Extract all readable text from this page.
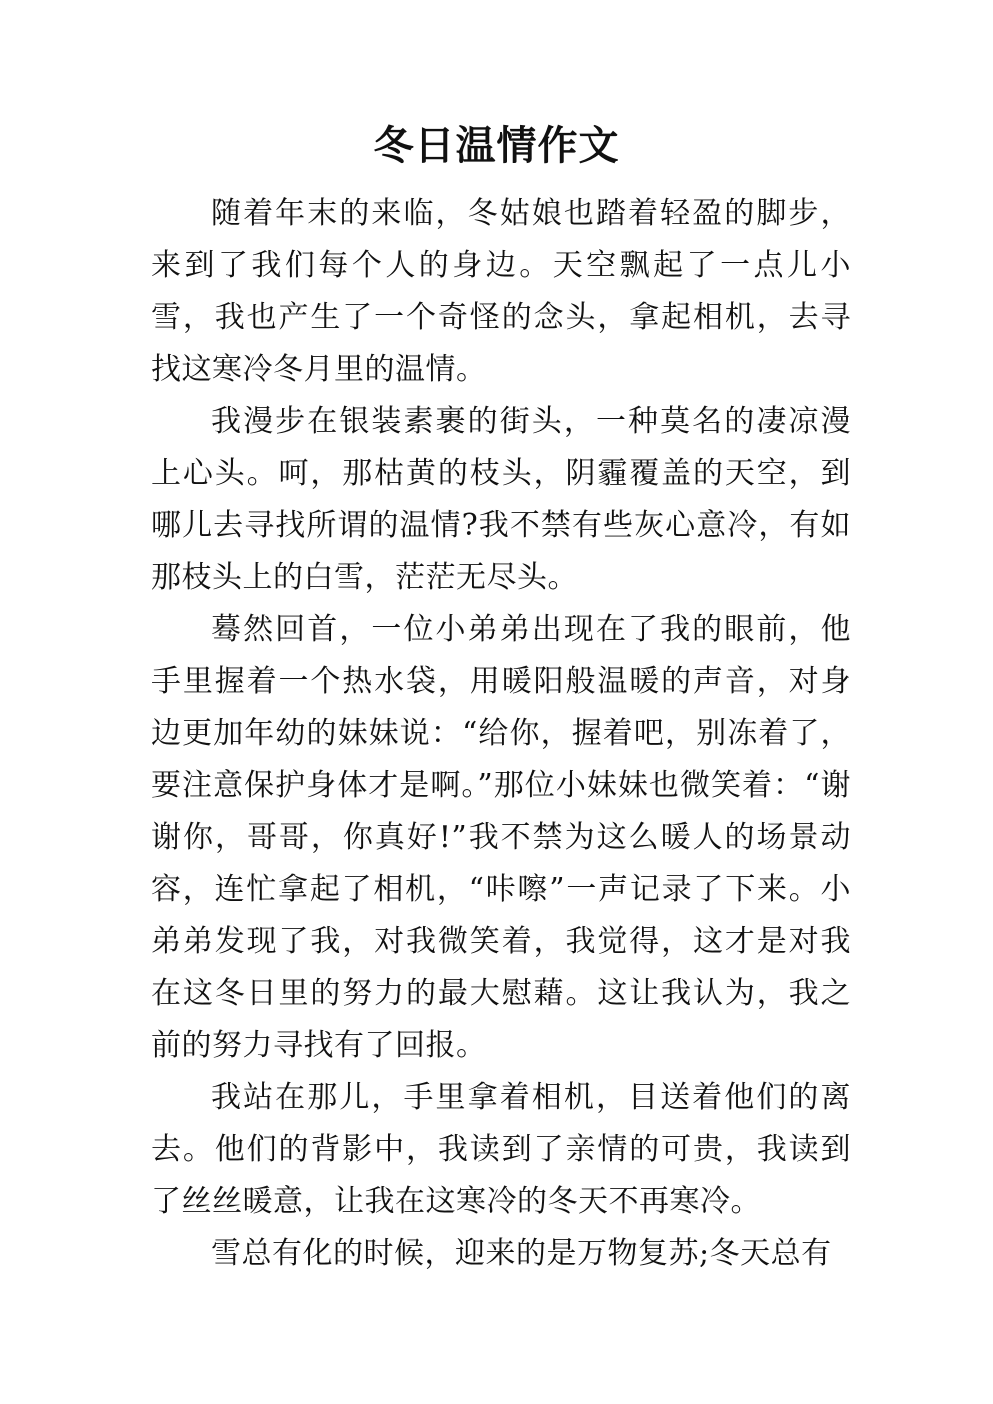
冬日温情作文

随着年末的来临，冬姑娘也踏着轻盈的脚步，来到了我们每个人的身边。天空飘起了一点儿小雪，我也产生了一个奇怪的念头，拿起相机，去寻找这寒冷冬月里的温情。

我漫步在银装素裹的街头，一种莫名的凄凉漫上心头。呵，那枯黄的枝头，阴霾覆盖的天空，到哪儿去寻找所谓的温情?我不禁有些灰心意冷，有如那枝头上的白雪，茫茫无尽头。

蓦然回首，一位小弟弟出现在了我的眼前，他手里握着一个热水袋，用暖阳般温暖的声音，对身边更加年幼的妹妹说：“给你，握着吧，别冻着了，要注意保护身体才是啊。”那位小妹妹也微笑着：“谢谢你，哥哥，你真好!”我不禁为这么暖人的场景动容，连忙拿起了相机，“咔嚓”一声记录了下来。小弟弟发现了我，对我微笑着，我觉得，这才是对我在这冬日里的努力的最大慰藉。这让我认为，我之前的努力寻找有了回报。

我站在那儿，手里拿着相机，目送着他们的离去。他们的背影中，我读到了亲情的可贵，我读到了丝丝暖意，让我在这寒冷的冬天不再寒冷。

雪总有化的时候，迎来的是万物复苏;冬天总有
